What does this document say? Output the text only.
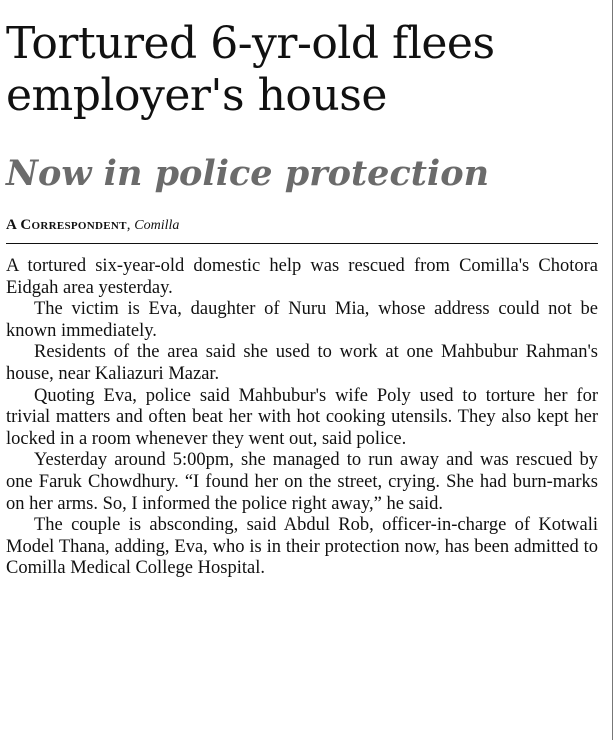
Tortured 6-yr-old flees employer's house
Now in police protection
A Correspondent, Comilla

A tortured six-year-old domestic help was rescued from Comilla's Chotora Eidgah area yesterday.

The victim is Eva, daughter of Nuru Mia, whose address could not be known immediately.

Residents of the area said she used to work at one Mahbubur Rahman's house, near Kaliazuri Mazar.

Quoting Eva, police said Mahbubur's wife Poly used to torture her for trivial matters and often beat her with hot cooking utensils. They also kept her locked in a room whenever they went out, said police.

Yesterday around 5:00pm, she managed to run away and was rescued by one Faruk Chowdhury. “I found her on the street, crying. She had burn-marks on her arms. So, I informed the police right away,” he said.

The couple is absconding, said Abdul Rob, officer-in-charge of Kotwali Model Thana, adding, Eva, who is in their protection now, has been admitted to Comilla Medical College Hospital.
